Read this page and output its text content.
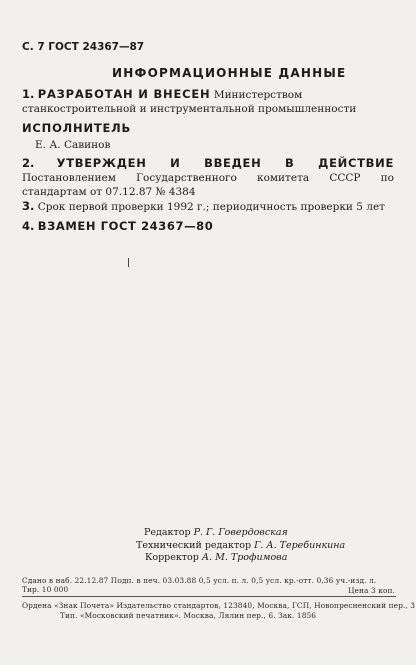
С. 7 ГОСТ 24367—87
ИНФОРМАЦИОННЫЕ ДАННЫЕ
1. РАЗРАБОТАН И ВНЕСЕН Министерством станкостроительной и инструментальной промышленности
ИСПОЛНИТЕЛЬ
Е. А. Савинов
2. УТВЕРЖДЕН И ВВЕДЕН В ДЕЙСТВИЕ Постановлением Государственного комитета СССР по стандартам от 07.12.87 № 4384
3. Срок первой проверки 1992 г.; периодичность проверки 5 лет
4. ВЗАМЕН ГОСТ 24367—80
Редактор Р. Г. Говердовская
Технический редактор Г. А. Теребинкина
Корректор А. М. Трофимова
Сдано в наб. 22.12.87 Подп. в печ. 03.03.88 0,5 усл. п. л. 0,5 усл. кр.-отт. 0,36 уч.-изд. л.
Тир. 10 000	Цена 3 коп.
Ордена «Знак Почета» Издательство стандартов, 123840, Москва, ГСП, Новопресненский пер., 3
Тип. «Московский печатник». Москва, Лялин пер., 6. Зак. 1856
